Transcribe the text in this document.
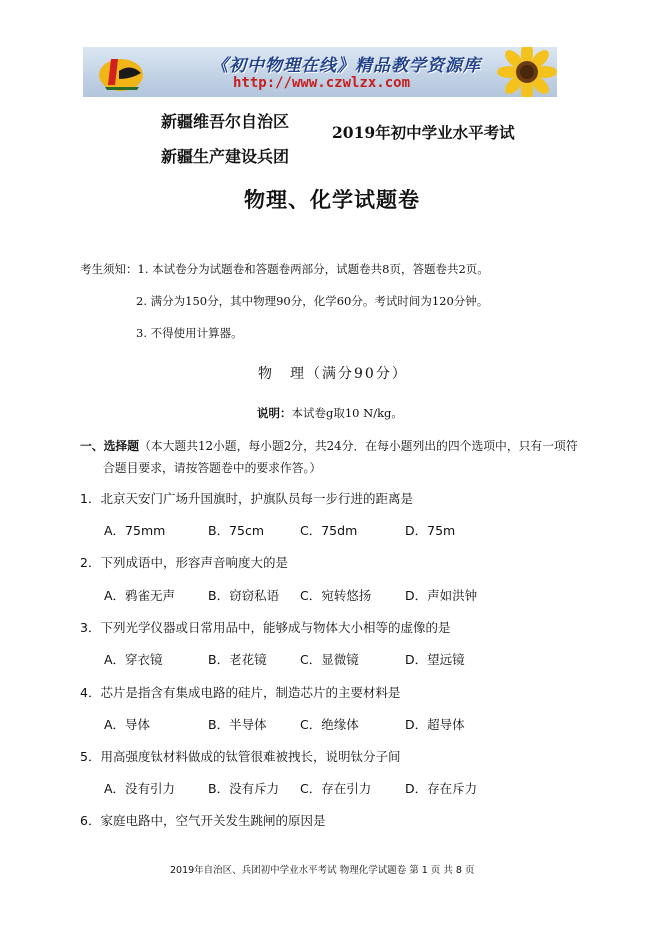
《初中物理在线》精品教学资源库
http://www.czwlzx.com
新疆维吾尔自治区
新疆生产建设兵团
2019年初中学业水平考试
物理、化学试题卷
考生须知：1. 本试卷分为试题卷和答题卷两部分，试题卷共8页，答题卷共2页。
2. 满分为150分，其中物理90分，化学60分。考试时间为120分钟。
3. 不得使用计算器。
物　理（满分90分）
说明：本试卷g取10 N/kg。
一、选择题（本大题共12小题，每小题2分，共24分．在每小题列出的四个选项中，只有一项符
合题目要求，请按答题卷中的要求作答。）
1．北京天安门广场升国旗时，护旗队员每一步行进的距离是
A．75mm	B．75cm	C．75dm	D．75m
2．下列成语中，形容声音响度大的是
A．鸦雀无声	B．窃窃私语 C．宛转悠扬	D．声如洪钟
3．下列光学仪器或日常用品中，能够成与物体大小相等的虚像的是
A．穿衣镜	B．老花镜	C．显微镜	D．望远镜
4．芯片是指含有集成电路的硅片，制造芯片的主要材料是
A．导体	B．半导体	C．绝缘体	D．超导体
5．用高强度钛材料做成的钛管很难被拽长，说明钛分子间
A．没有引力	B．没有斥力 C．存在引力	D．存在斥力
6．家庭电路中，空气开关发生跳闸的原因是
2019年自治区、兵团初中学业水平考试 物理化学试题卷 第 1 页 共 8 页
